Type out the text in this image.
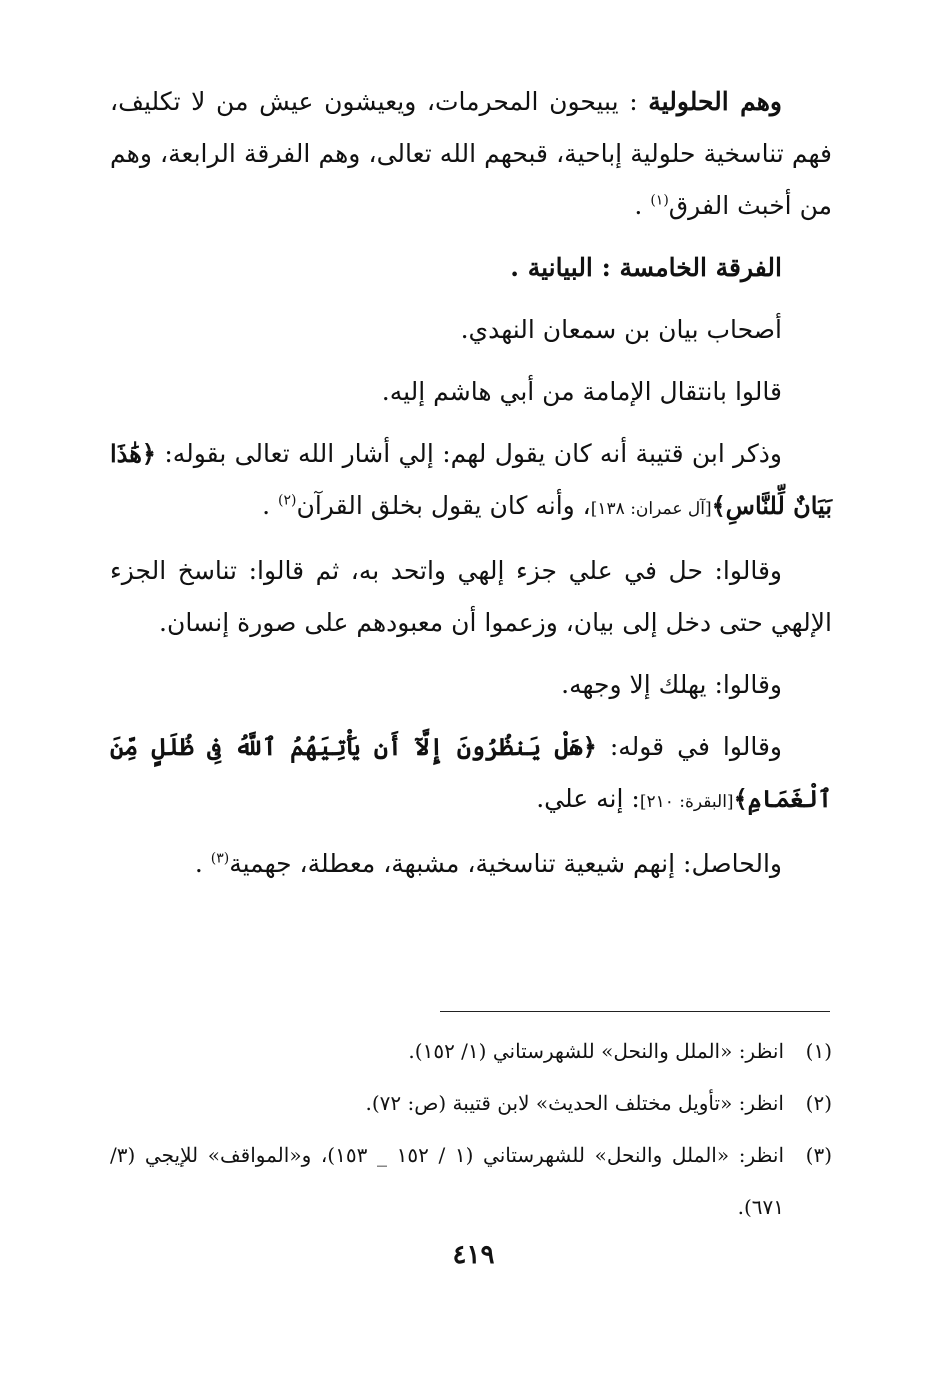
وهم الحلولية : يبيحون المحرمات، ويعيشون عيش من لا تكليف، فهم تناسخية حلولية إباحية، قبحهم الله تعالى، وهم الفرقة الرابعة، وهم من أخبث الفرق$^{(١)}$ .

الفرقة الخامسة : البيانية .

أصحاب بيان بن سمعان النهدي.

قالوا بانتقال الإمامة من أبي هاشم إليه.

وذكر ابن قتيبة أنه كان يقول لهم: إلي أشار الله تعالى بقوله: ﴿هَٰذَا بَيَانٌ لِّلنَّاسِ﴾[آل عمران: ١٣٨]، وأنه كان يقول بخلق القرآن$^{(٢)}$ .

وقالوا: حل في علي جزء إلهي واتحد به، ثم قالوا: تناسخ الجزء الإلهي حتى دخل إلى بيان، وزعموا أن معبودهم على صورة إنسان.

وقالوا: يهلك إلا وجهه.

وقالوا في قوله: ﴿هَلْ يَنظُرُونَ إِلَّآ أَن يَأْتِيَهُمُ ٱللَّهُ فِى ظُلَلٍ مِّنَ ٱلْغَمَامِ﴾[البقرة: ٢١٠]: إنه علي.

والحاصل: إنهم شيعية تناسخية، مشبهة، معطلة، جهمية$^{(٣)}$ .

(١)
انظر: «الملل والنحل» للشهرستاني (١/ ١٥٢).
(٢)
انظر: «تأويل مختلف الحديث» لابن قتيبة (ص: ٧٢).
(٣)
انظر: «الملل والنحل» للشهرستاني (١ / ١٥٢ _ ١٥٣)، و«المواقف» للإيجي (٣/ ٦٧١).
٤١٩
